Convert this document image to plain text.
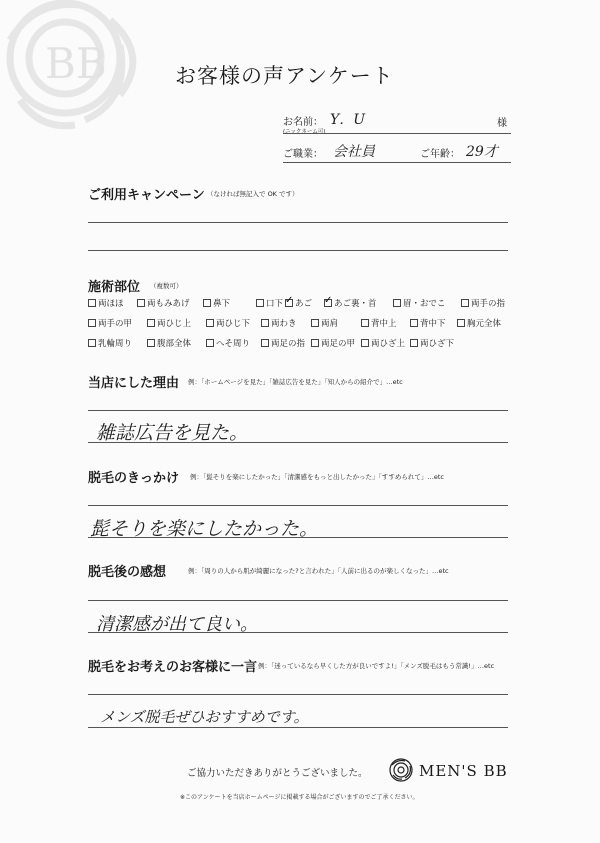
BB	お客様の声アンケート
お名前：
(ニックネーム可)
Y．U	様
ご職業： 会社員	ご年齢： 29才
ご利用キャンペーン （なければ無記入で OK です）
施術部位 （複数可）
両ほほ	両もみあげ	鼻下	口下 ✓ あご ✓ あご裏・首	眉・おでこ	両手の指
両手の甲	両ひじ上	両ひじ下	両わき	両肩	背中上	背中下	胸元全体
乳輪周り	腹部全体	へそ周り	両足の指	両足の甲	両ひざ上	両ひざ下
当店にした理由 例：「ホームページを見た」「雑誌広告を見た」「知人からの紹介で」…etc
雑誌広告を見た。
脱毛のきっかけ 例：「髭そりを楽にしたかった」「清潔感をもっと出したかった」「すすめられて」…etc
髭そりを楽にしたかった。
脱毛後の感想	例：「周りの人から肌が綺麗になった?と言われた」「人前に出るのが楽しくなった」…etc
清潔感が出て良い。
脱毛をお考えのお客様に一言 例：「迷っているなら早くした方が良いですよ!」「メンズ脱毛はもう常識!」…etc
メンズ脱毛ぜひおすすめです。
ご協力いただきありがとうございました。	MEN'S BB
※このアンケートを当店ホームページに掲載する場合がございますのでご了承ください。
